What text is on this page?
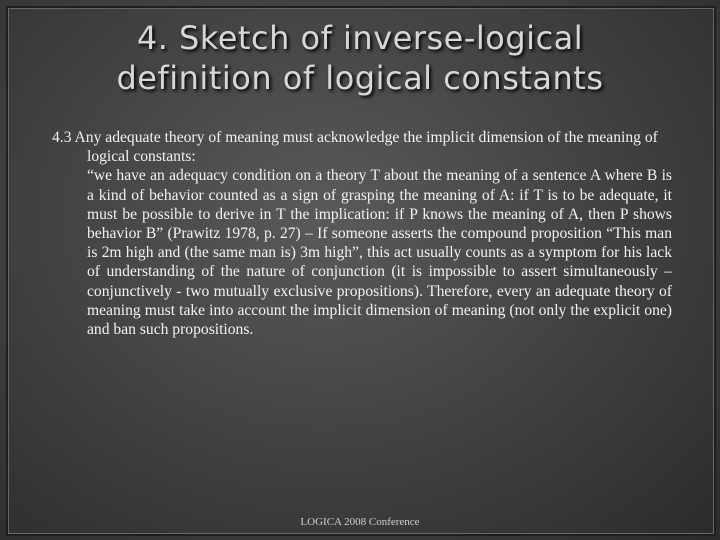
4. Sketch of inverse-logical
definition of logical constants

4.3 Any adequate theory of meaning must acknowledge the implicit dimension of the meaning of logical constants:

“we have an adequacy condition on a theory T about the meaning of a sentence A where B is a kind of behavior counted as a sign of grasping the meaning of A: if T is to be adequate, it must be possible to derive in T the implication: if P knows the meaning of A, then P shows behavior B” (Prawitz 1978, p. 27) – If someone asserts the compound proposition “This man is 2m high and (the same man is) 3m high”, this act usually counts as a symptom for his lack of understanding of the nature of conjunction (it is impossible to assert simultaneously – conjunctively - two mutually exclusive propositions). Therefore, every an adequate theory of meaning must take into account the implicit dimension of meaning (not only the explicit one) and ban such propositions.

LOGICA 2008 Conference
